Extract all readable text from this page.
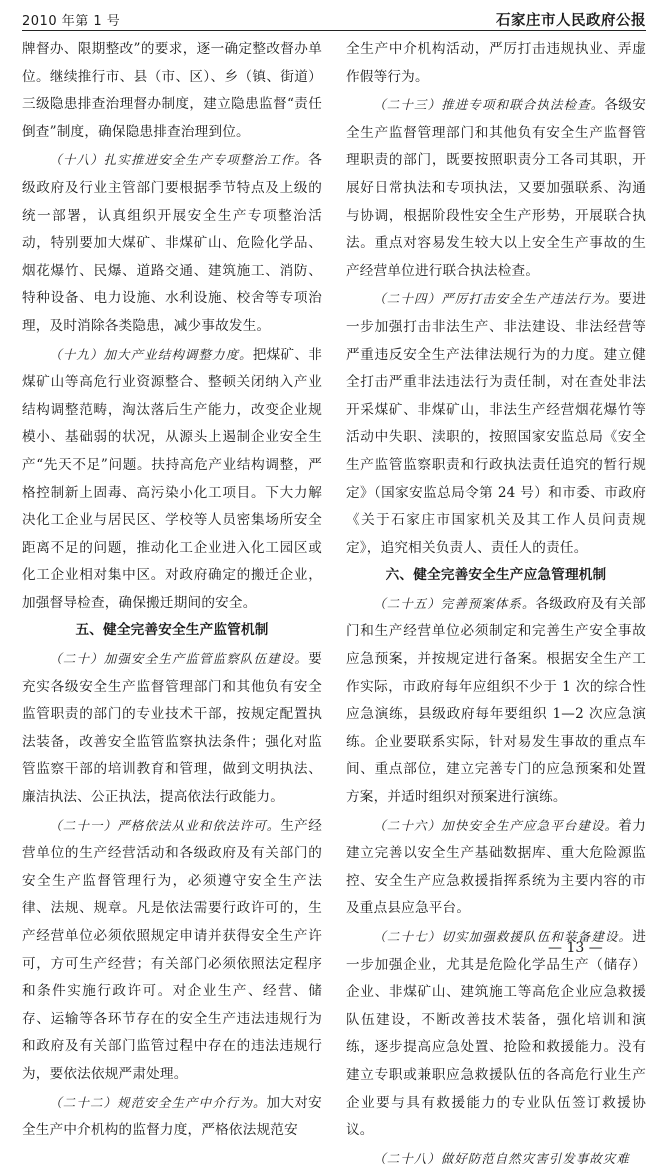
2010 年第 1 号	石家庄市人民政府公报

牌督办、限期整改”的要求，逐一确定整改督办单位。继续推行市、县（市、区）、乡（镇、街道）三级隐患排查治理督办制度，建立隐患监督“责任倒查”制度，确保隐患排查治理到位。

（十八）扎实推进安全生产专项整治工作。各级政府及行业主管部门要根据季节特点及上级的统一部署，认真组织开展安全生产专项整治活动，特别要加大煤矿、非煤矿山、危险化学品、烟花爆竹、民爆、道路交通、建筑施工、消防、特种设备、电力设施、水利设施、校舍等专项治理，及时消除各类隐患，减少事故发生。

（十九）加大产业结构调整力度。把煤矿、非煤矿山等高危行业资源整合、整顿关闭纳入产业结构调整范畴，淘汰落后生产能力，改变企业规模小、基础弱的状况，从源头上遏制企业安全生产“先天不足”问题。扶持高危产业结构调整，严格控制新上固毒、高污染小化工项目。下大力解决化工企业与居民区、学校等人员密集场所安全距离不足的问题，推动化工企业进入化工园区或化工企业相对集中区。对政府确定的搬迁企业，加强督导检查，确保搬迁期间的安全。

五、健全完善安全生产监管机制

（二十）加强安全生产监管监察队伍建设。要充实各级安全生产监督管理部门和其他负有安全监管职责的部门的专业技术干部，按规定配置执法装备，改善安全监管监察执法条件；强化对监管监察干部的培训教育和管理，做到文明执法、廉洁执法、公正执法，提高依法行政能力。

（二十一）严格依法从业和依法许可。生产经营单位的生产经营活动和各级政府及有关部门的安全生产监督管理行为，必须遵守安全生产法律、法规、规章。凡是依法需要行政许可的，生产经营单位必须依照规定申请并获得安全生产许可，方可生产经营；有关部门必须依照法定程序和条件实施行政许可。对企业生产、经营、储存、运输等各环节存在的安全生产违法违规行为和政府及有关部门监管过程中存在的违法违规行为，要依法依规严肃处理。

（二十二）规范安全生产中介行为。加大对安全生产中介机构的监督力度，严格依法规范安

全生产中介机构活动，严厉打击违规执业、弄虚作假等行为。

（二十三）推进专项和联合执法检查。各级安全生产监督管理部门和其他负有安全生产监督管理职责的部门，既要按照职责分工各司其职，开展好日常执法和专项执法，又要加强联系、沟通与协调，根据阶段性安全生产形势，开展联合执法。重点对容易发生较大以上安全生产事故的生产经营单位进行联合执法检查。

（二十四）严厉打击安全生产违法行为。要进一步加强打击非法生产、非法建设、非法经营等严重违反安全生产法律法规行为的力度。建立健全打击严重非法违法行为责任制，对在查处非法开采煤矿、非煤矿山，非法生产经营烟花爆竹等活动中失职、渎职的，按照国家安监总局《安全生产监管监察职责和行政执法责任追究的暂行规定》（国家安监总局令第 24 号）和市委、市政府《关于石家庄市国家机关及其工作人员问责规定》，追究相关负责人、责任人的责任。

六、健全完善安全生产应急管理机制

（二十五）完善预案体系。各级政府及有关部门和生产经营单位必须制定和完善生产安全事故应急预案，并按规定进行备案。根据安全生产工作实际，市政府每年应组织不少于 1 次的综合性应急演练，县级政府每年要组织 1—2 次应急演练。企业要联系实际，针对易发生事故的重点车间、重点部位，建立完善专门的应急预案和处置方案，并适时组织对预案进行演练。

（二十六）加快安全生产应急平台建设。着力建立完善以安全生产基础数据库、重大危险源监控、安全生产应急救援指挥系统为主要内容的市及重点县应急平台。

（二十七）切实加强救援队伍和装备建设。进一步加强企业，尤其是危险化学品生产（储存）企业、非煤矿山、建筑施工等高危企业应急救援队伍建设，不断改善技术装备，强化培训和演练，逐步提高应急处置、抢险和救援能力。没有建立专职或兼职应急救援队伍的各高危行业生产企业要与具有救援能力的专业队伍签订救援协议。

（二十八）做好防范自然灾害引发事故灾难

— 13 —
